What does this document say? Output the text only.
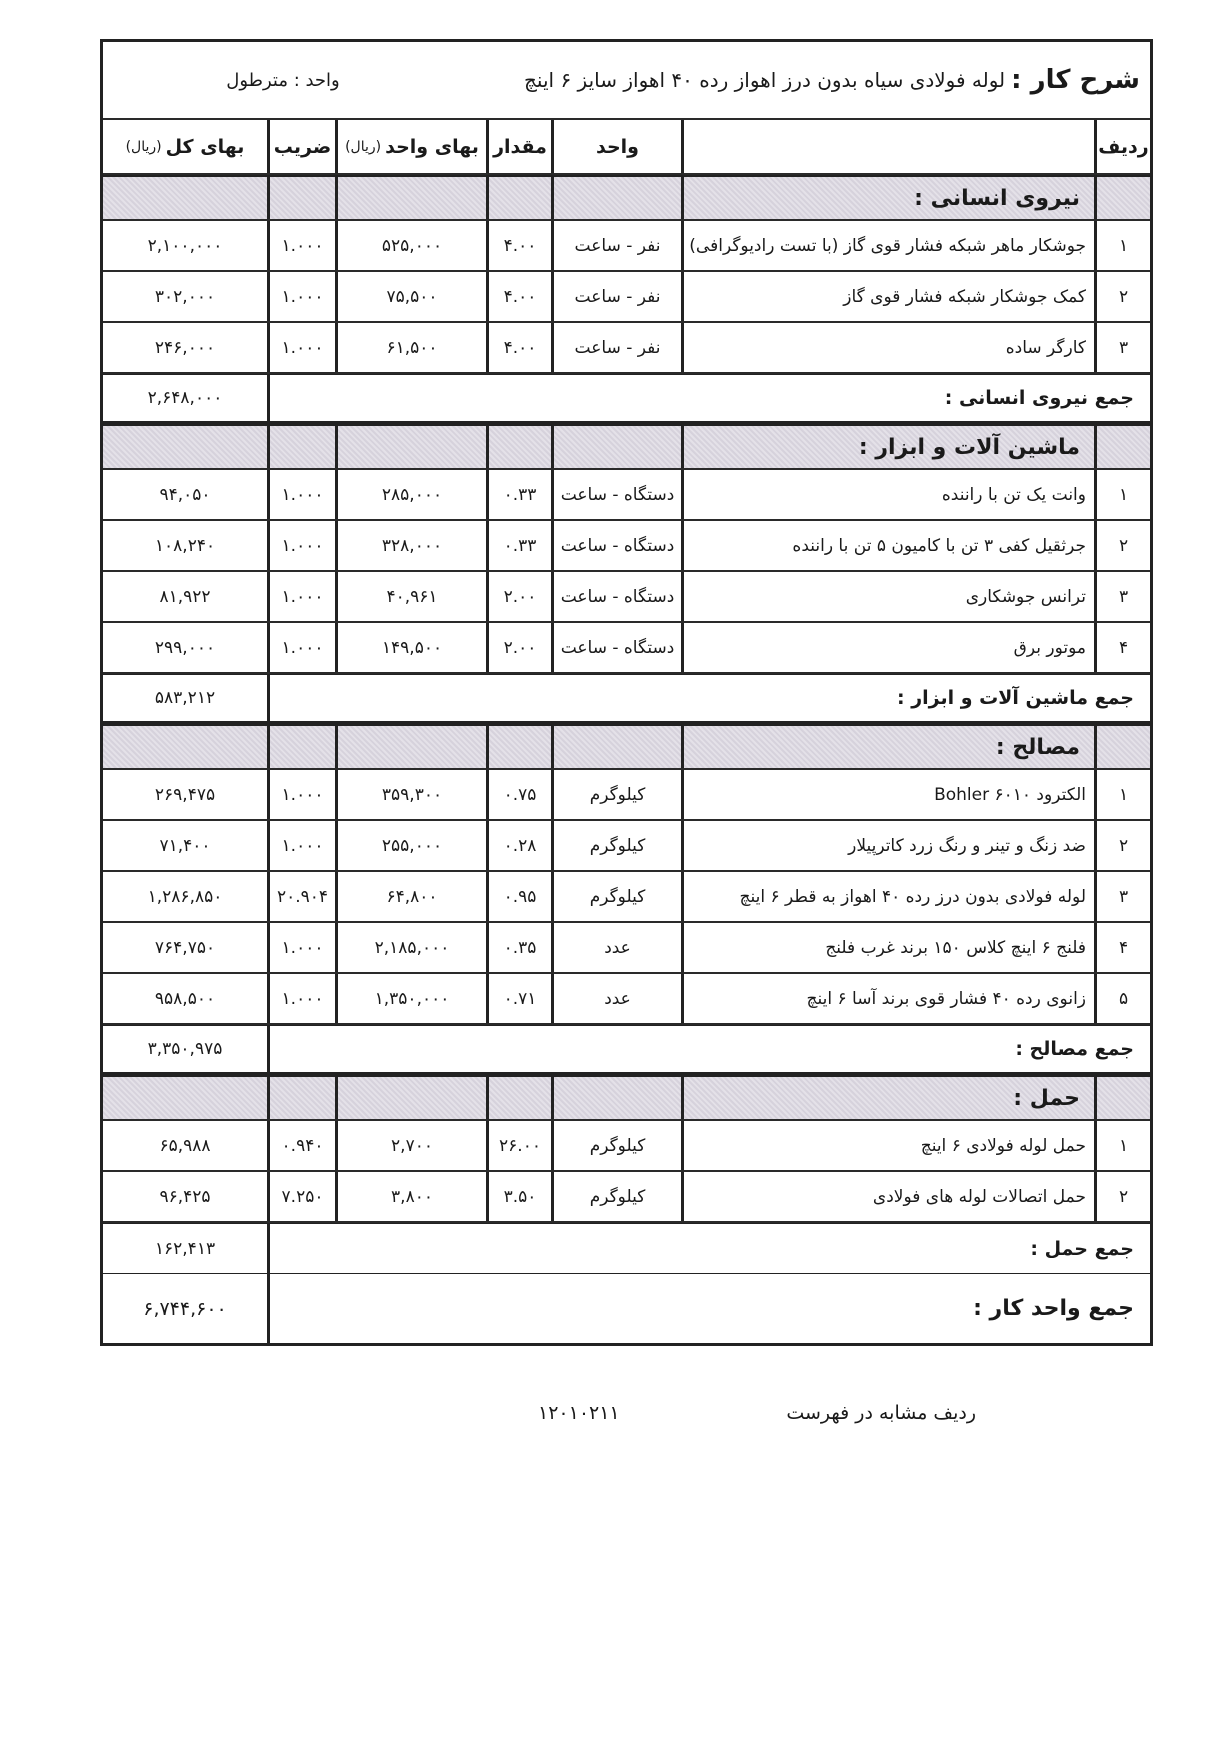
شرح کار :
لوله فولادی سیاه بدون درز اهواز رده ۴۰ اهواز سایز ۶ اینچ
واحد : مترطول
ردیف
واحد
مقدار
بهای واحد
(ریال)
ضریب
بهای کل
(ریال)
نیروی انسانی :
۱
جوشکار ماهر شبکه فشار قوی گاز (با تست رادیوگرافی)
نفر - ساعت
۴.۰۰
۵۲۵,۰۰۰
۱.۰۰۰
۲,۱۰۰,۰۰۰
۲
کمک جوشکار شبکه فشار قوی گاز
نفر - ساعت
۴.۰۰
۷۵,۵۰۰
۱.۰۰۰
۳۰۲,۰۰۰
۳
کارگر ساده
نفر - ساعت
۴.۰۰
۶۱,۵۰۰
۱.۰۰۰
۲۴۶,۰۰۰
جمع نیروی انسانی :
۲,۶۴۸,۰۰۰
ماشین آلات و ابزار :
۱
وانت یک تن با راننده
دستگاه - ساعت
۰.۳۳
۲۸۵,۰۰۰
۱.۰۰۰
۹۴,۰۵۰
۲
جرثقیل کفی ۳ تن با کامیون ۵ تن با راننده
دستگاه - ساعت
۰.۳۳
۳۲۸,۰۰۰
۱.۰۰۰
۱۰۸,۲۴۰
۳
ترانس جوشکاری
دستگاه - ساعت
۲.۰۰
۴۰,۹۶۱
۱.۰۰۰
۸۱,۹۲۲
۴
موتور برق
دستگاه - ساعت
۲.۰۰
۱۴۹,۵۰۰
۱.۰۰۰
۲۹۹,۰۰۰
جمع ماشین آلات و ابزار :
۵۸۳,۲۱۲
مصالح :
۱
الکترود ۶۰۱۰ Bohler
کیلوگرم
۰.۷۵
۳۵۹,۳۰۰
۱.۰۰۰
۲۶۹,۴۷۵
۲
ضد زنگ و تینر و رنگ زرد کاترپیلار
کیلوگرم
۰.۲۸
۲۵۵,۰۰۰
۱.۰۰۰
۷۱,۴۰۰
۳
لوله فولادی بدون درز رده ۴۰ اهواز به قطر ۶ اینچ
کیلوگرم
۰.۹۵
۶۴,۸۰۰
۲۰.۹۰۴
۱,۲۸۶,۸۵۰
۴
فلنج ۶ اینچ کلاس ۱۵۰ برند غرب فلنج
عدد
۰.۳۵
۲,۱۸۵,۰۰۰
۱.۰۰۰
۷۶۴,۷۵۰
۵
زانوی رده ۴۰ فشار قوی برند آسا ۶ اینچ
عدد
۰.۷۱
۱,۳۵۰,۰۰۰
۱.۰۰۰
۹۵۸,۵۰۰
جمع مصالح :
۳,۳۵۰,۹۷۵
حمل :
۱
حمل لوله فولادی ۶ اینچ
کیلوگرم
۲۶.۰۰
۲,۷۰۰
۰.۹۴۰
۶۵,۹۸۸
۲
حمل اتصالات لوله های فولادی
کیلوگرم
۳.۵۰
۳,۸۰۰
۷.۲۵۰
۹۶,۴۲۵
جمع حمل :
۱۶۲,۴۱۳
جمع واحد کار :
۶,۷۴۴,۶۰۰
ردیف مشابه در فهرست
۱۲۰۱۰۲۱۱
